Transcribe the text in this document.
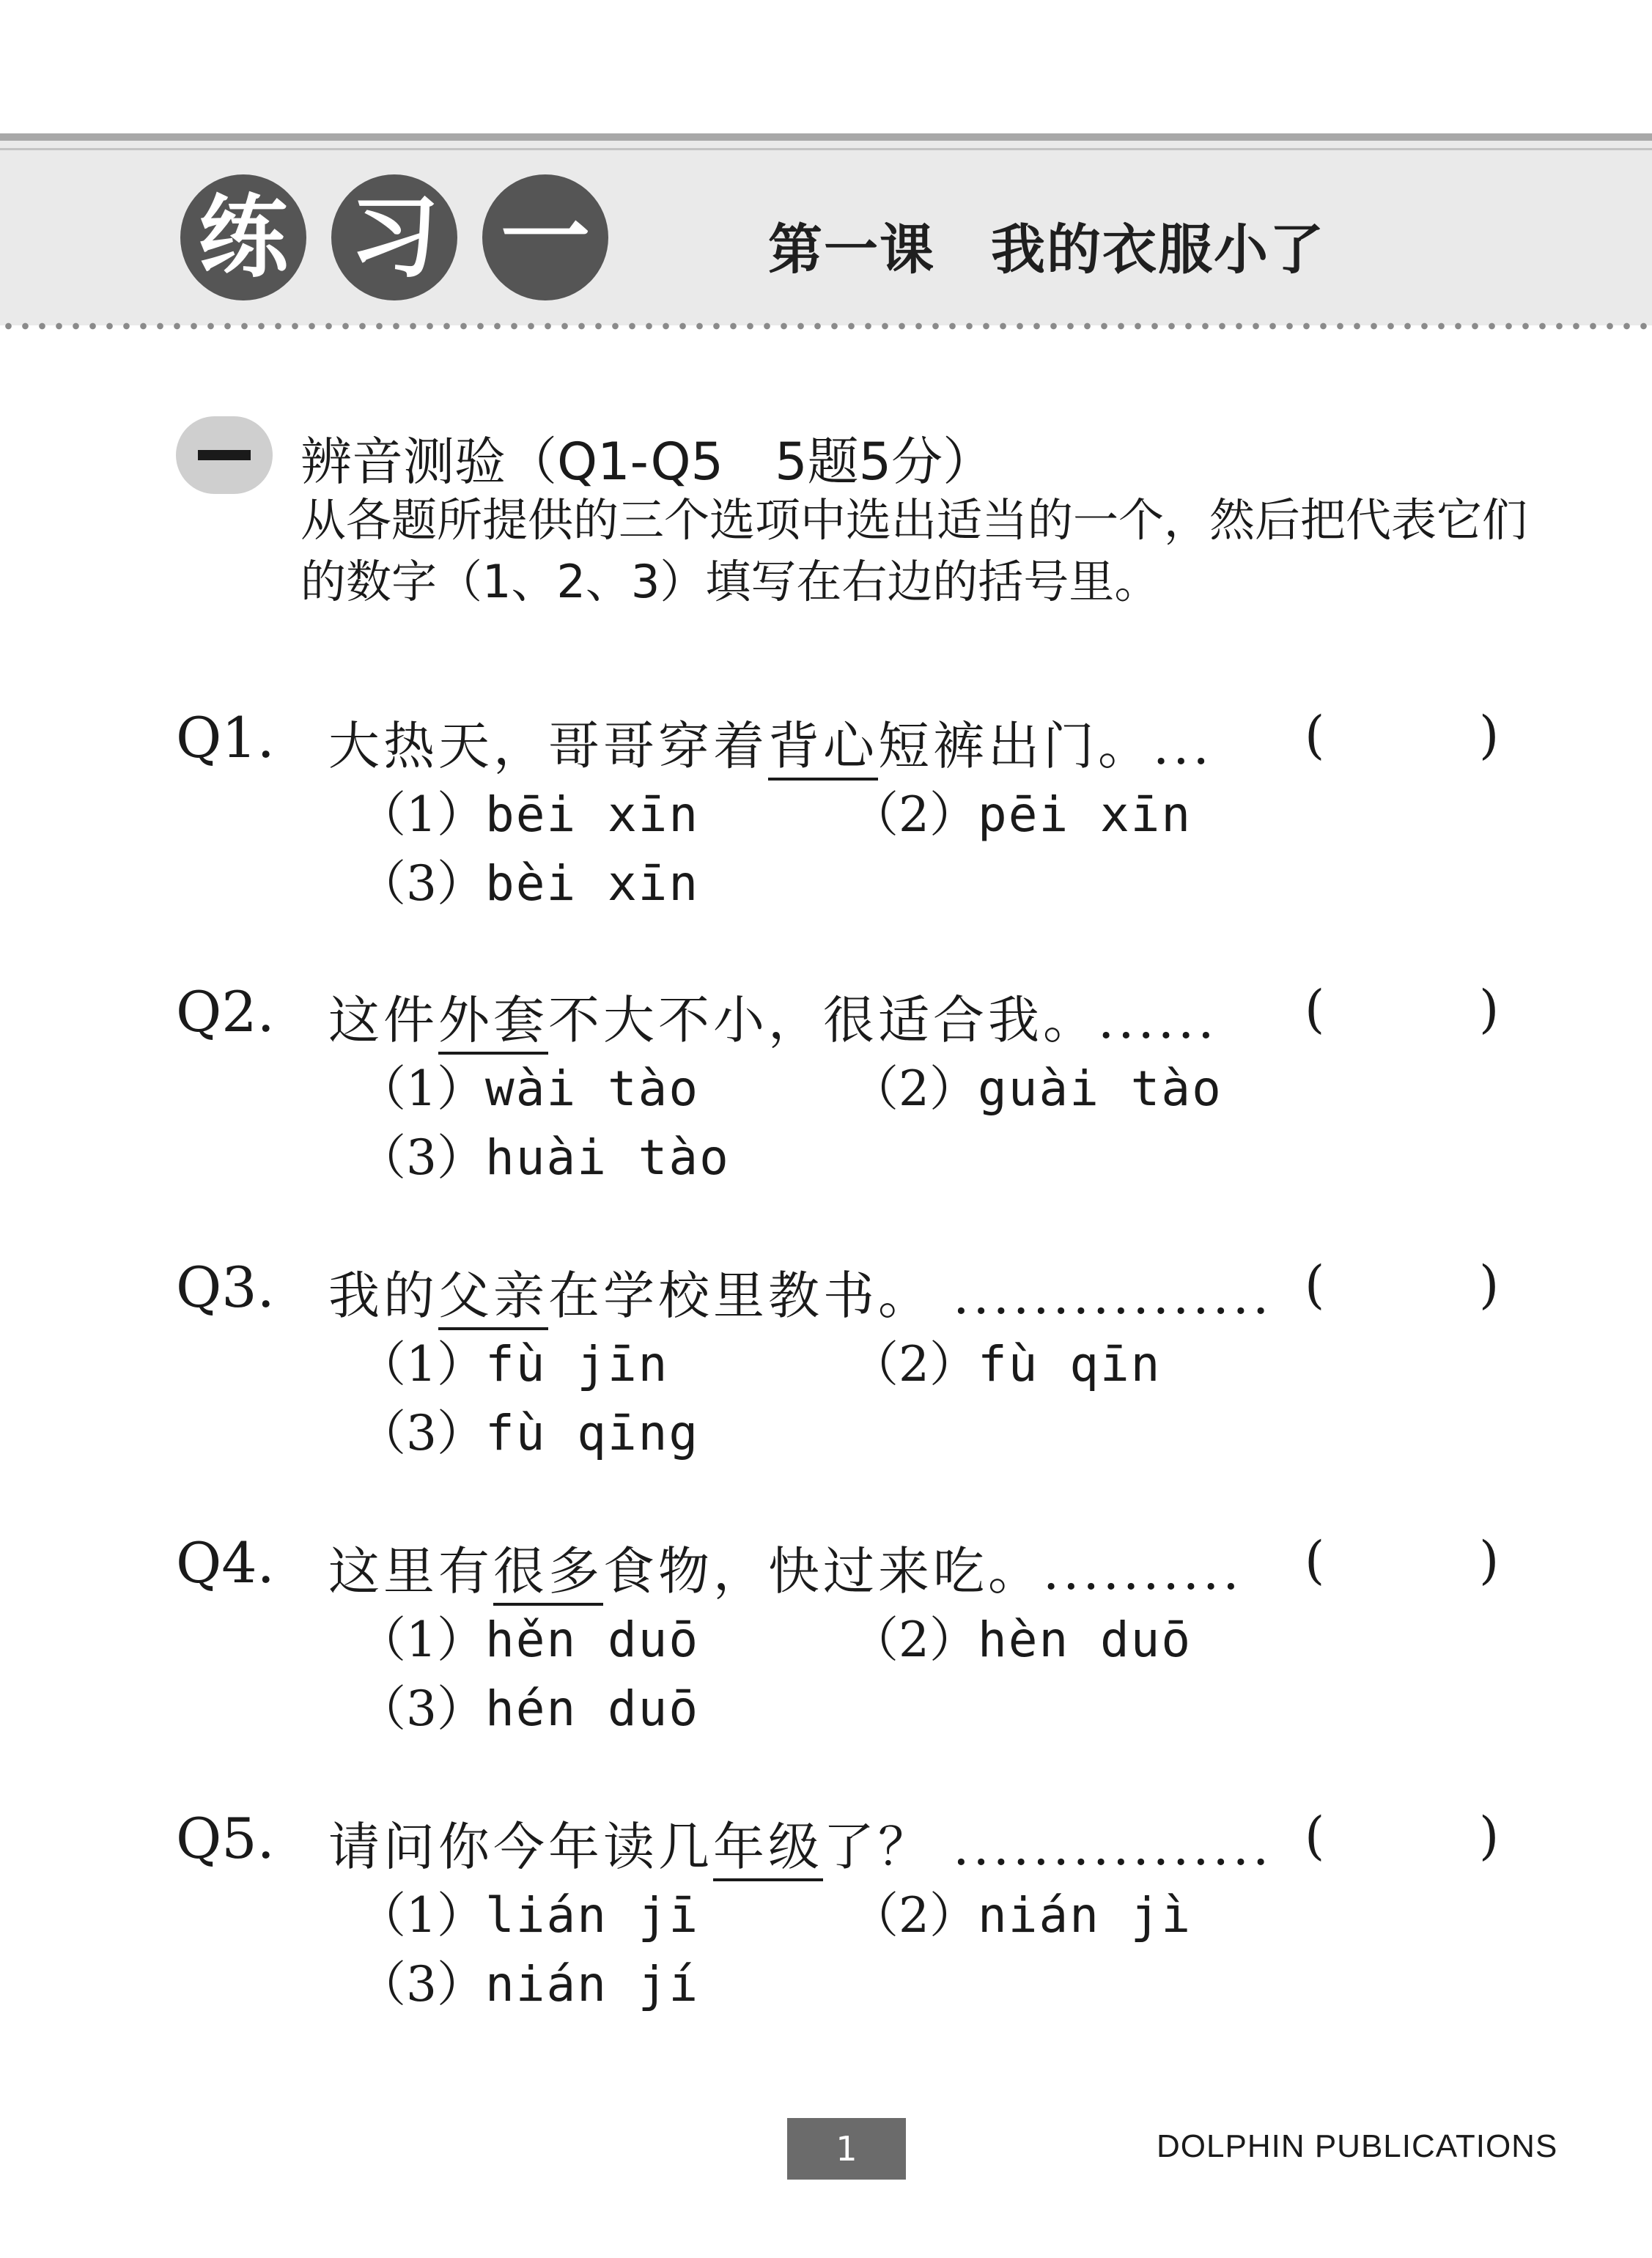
练 习 一	第一课　我的衣服小了
辨音测验（Q1-Q5　5题5分）
从各题所提供的三个选项中选出适当的一个，然后把代表它们的数字（1、2、3）填写在右边的括号里。
Q1. 大热天，哥哥穿着背心短裤出门。... (	)
（1）bēi xīn	（2）pēi xīn
（3）bèi xīn
Q2. 这件外套不大不小，很适合我。...... (	)
（1）wài tào	（2）guài tào
（3）huài tào
Q3. 我的父亲在学校里教书。 ................ (	)
（1）fù jīn	（2）fù qīn
（3）fù qīng
Q4. 这里有很多食物，快过来吃。.......... (	)
（1）hěn duō	（2）hèn duō
（3）hén duō
Q5. 请问你今年读几年级了？ ................ (	)
（1）lián jī	（2）nián jì
（3）nián jí
1	DOLPHIN PUBLICATIONS
